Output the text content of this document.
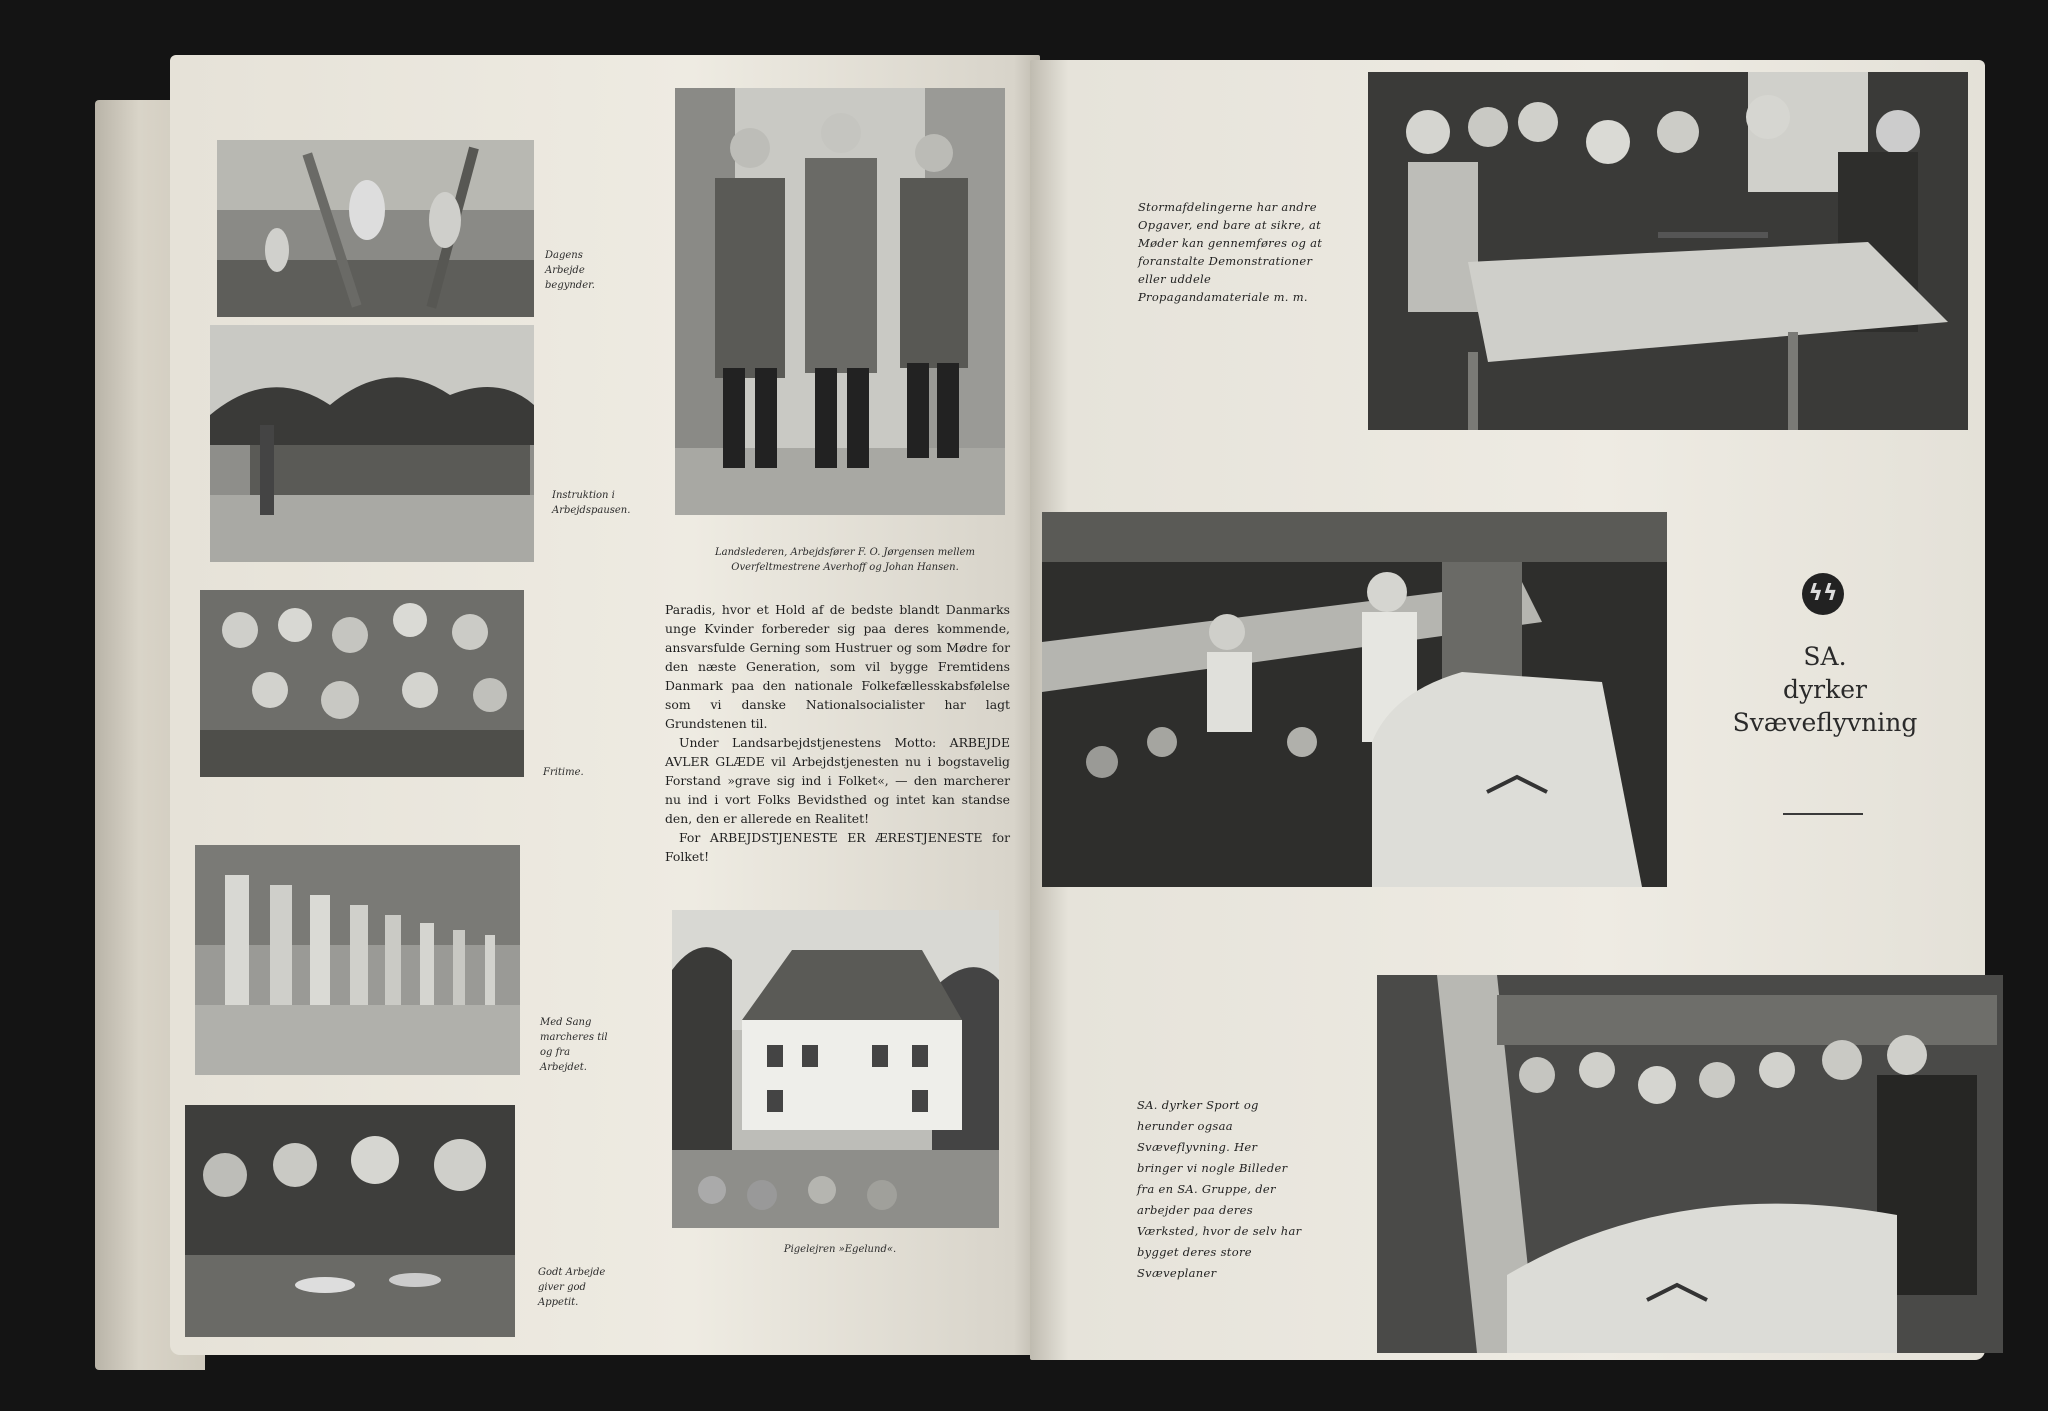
Dagens Arbejde begynder.
Instruktion i Arbejdspausen.
Fritime.
Med Sang marcheres til og fra Arbejdet.
Godt Arbejde giver god Appetit.
Landslederen, Arbejdsfører F. O. Jørgensen mellem Overfeltmestrene Averhoff og Johan Hansen.

Paradis, hvor et Hold af de bedste blandt Danmarks unge Kvinder forbereder sig paa deres kommende, ansvarsfulde Gerning som Hustruer og som Mødre for den næste Generation, som vil bygge Fremtidens Danmark paa den nationale Folkefællesskabsfølelse som vi danske Nationalsocialister har lagt Grundstenen til.

Under Landsarbejdstjenestens Motto: ARBEJDE AVLER GLÆDE vil Arbejdstjenesten nu i bogstavelig Forstand »grave sig ind i Folket«, — den marcherer nu ind i vort Folks Bevidsthed og intet kan standse den, den er allerede en Realitet!

For ARBEJDSTJENESTE ER ÆRESTJENESTE for Folket!

Pigelejren »Egelund«.
Stormafdelingerne har andre Opgaver, end bare at sikre, at Møder kan gennemføres og at foranstalte Demonstrationer eller uddele Propagandamateriale m. m.
ϟϟ
SA.
dyrker
Svæveflyvning
SA. dyrker Sport og herunder ogsaa Svæveflyvning. Her bringer vi nogle Billeder fra en SA. Gruppe, der arbejder paa deres Værksted, hvor de selv har bygget deres store Svæveplaner
